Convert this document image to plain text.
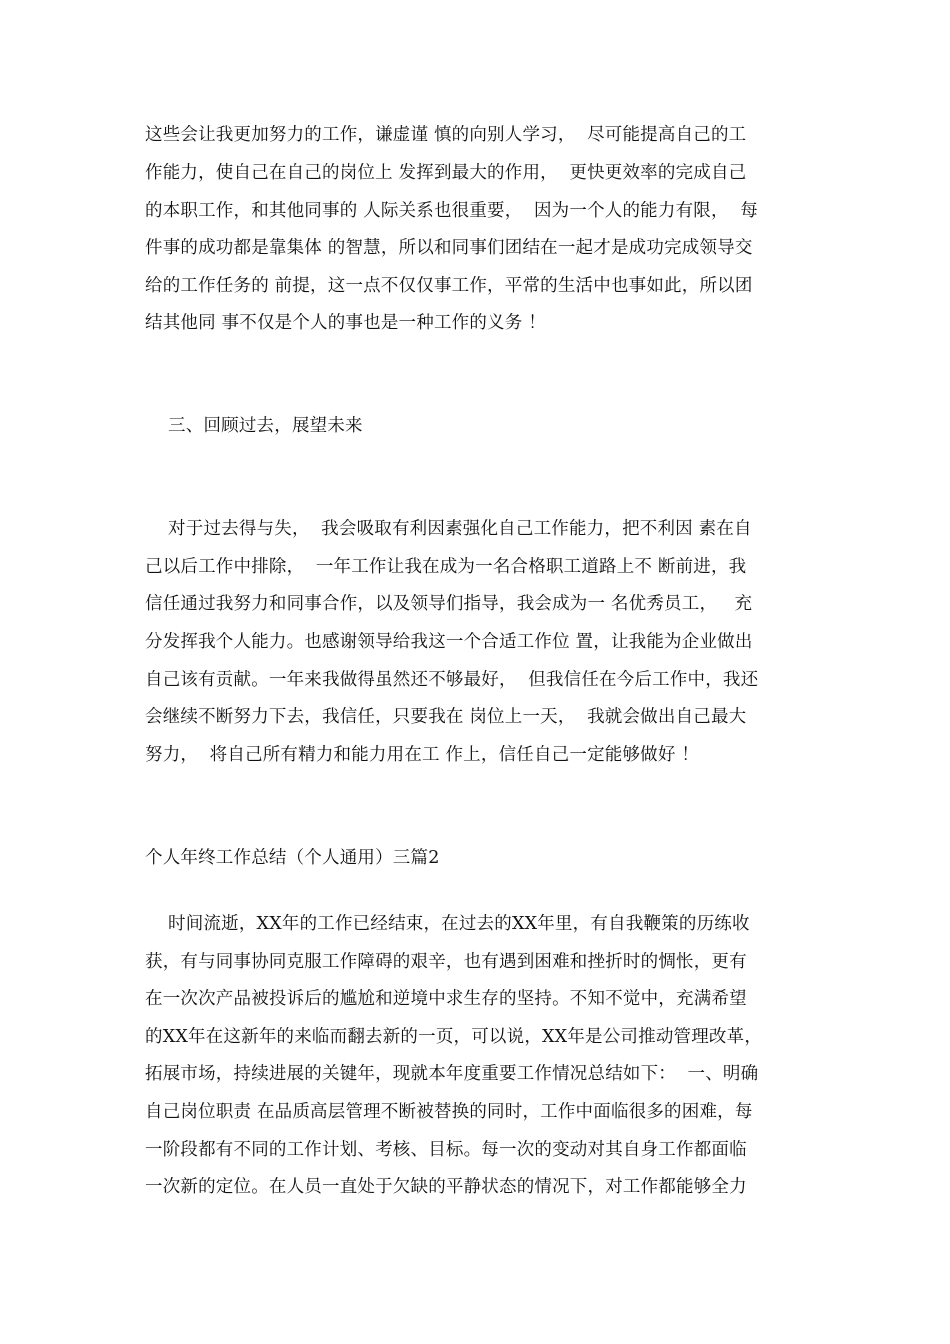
这些会让我更加努力的工作，谦虚谨 慎的向别人学习，  尽可能提高自己的工
作能力，使自己在自己的岗位上 发挥到最大的作用，  更快更效率的完成自己
的本职工作，和其他同事的 人际关系也很重要，  因为一个人的能力有限，  每
件事的成功都是靠集体 的智慧，所以和同事们团结在一起才是成功完成领导交
给的工作任务的 前提，这一点不仅仅事工作，平常的生活中也事如此，所以团
结其他同 事不仅是个人的事也是一种工作的义务 ！
三、回顾过去，展望未来
对于过去得与失，  我会吸取有利因素强化自己工作能力，把不利因 素在自
己以后工作中排除，  一年工作让我在成为一名合格职工道路上不 断前进，我
信任通过我努力和同事合作，以及领导们指导，我会成为一 名优秀员工，   充
分发挥我个人能力。也感谢领导给我这一个合适工作位 置，让我能为企业做出
自己该有贡献。一年来我做得虽然还不够最好，  但我信任在今后工作中，我还
会继续不断努力下去，我信任，只要我在 岗位上一天，  我就会做出自己最大
努力，  将自己所有精力和能力用在工 作上，信任自己一定能够做好 ！
个人年终工作总结（个人通用）三篇2
时间流逝，XX年的工作已经结束，在过去的XX年里，有自我鞭策的历练收
获，有与同事协同克服工作障碍的艰辛，也有遇到困难和挫折时的惆怅，更有
在一次次产品被投诉后的尴尬和逆境中求生存的坚持。不知不觉中，充满希望
的XX年在这新年的来临而翻去新的一页，可以说，XX年是公司推动管理改革，
拓展市场，持续进展的关键年，现就本年度重要工作情况总结如下：  一、明确
自己岗位职责 在品质高层管理不断被替换的同时，工作中面临很多的困难，每
一阶段都有不同的工作计划、考核、目标。每一次的变动对其自身工作都面临
一次新的定位。在人员一直处于欠缺的平静状态的情况下，对工作都能够全力
